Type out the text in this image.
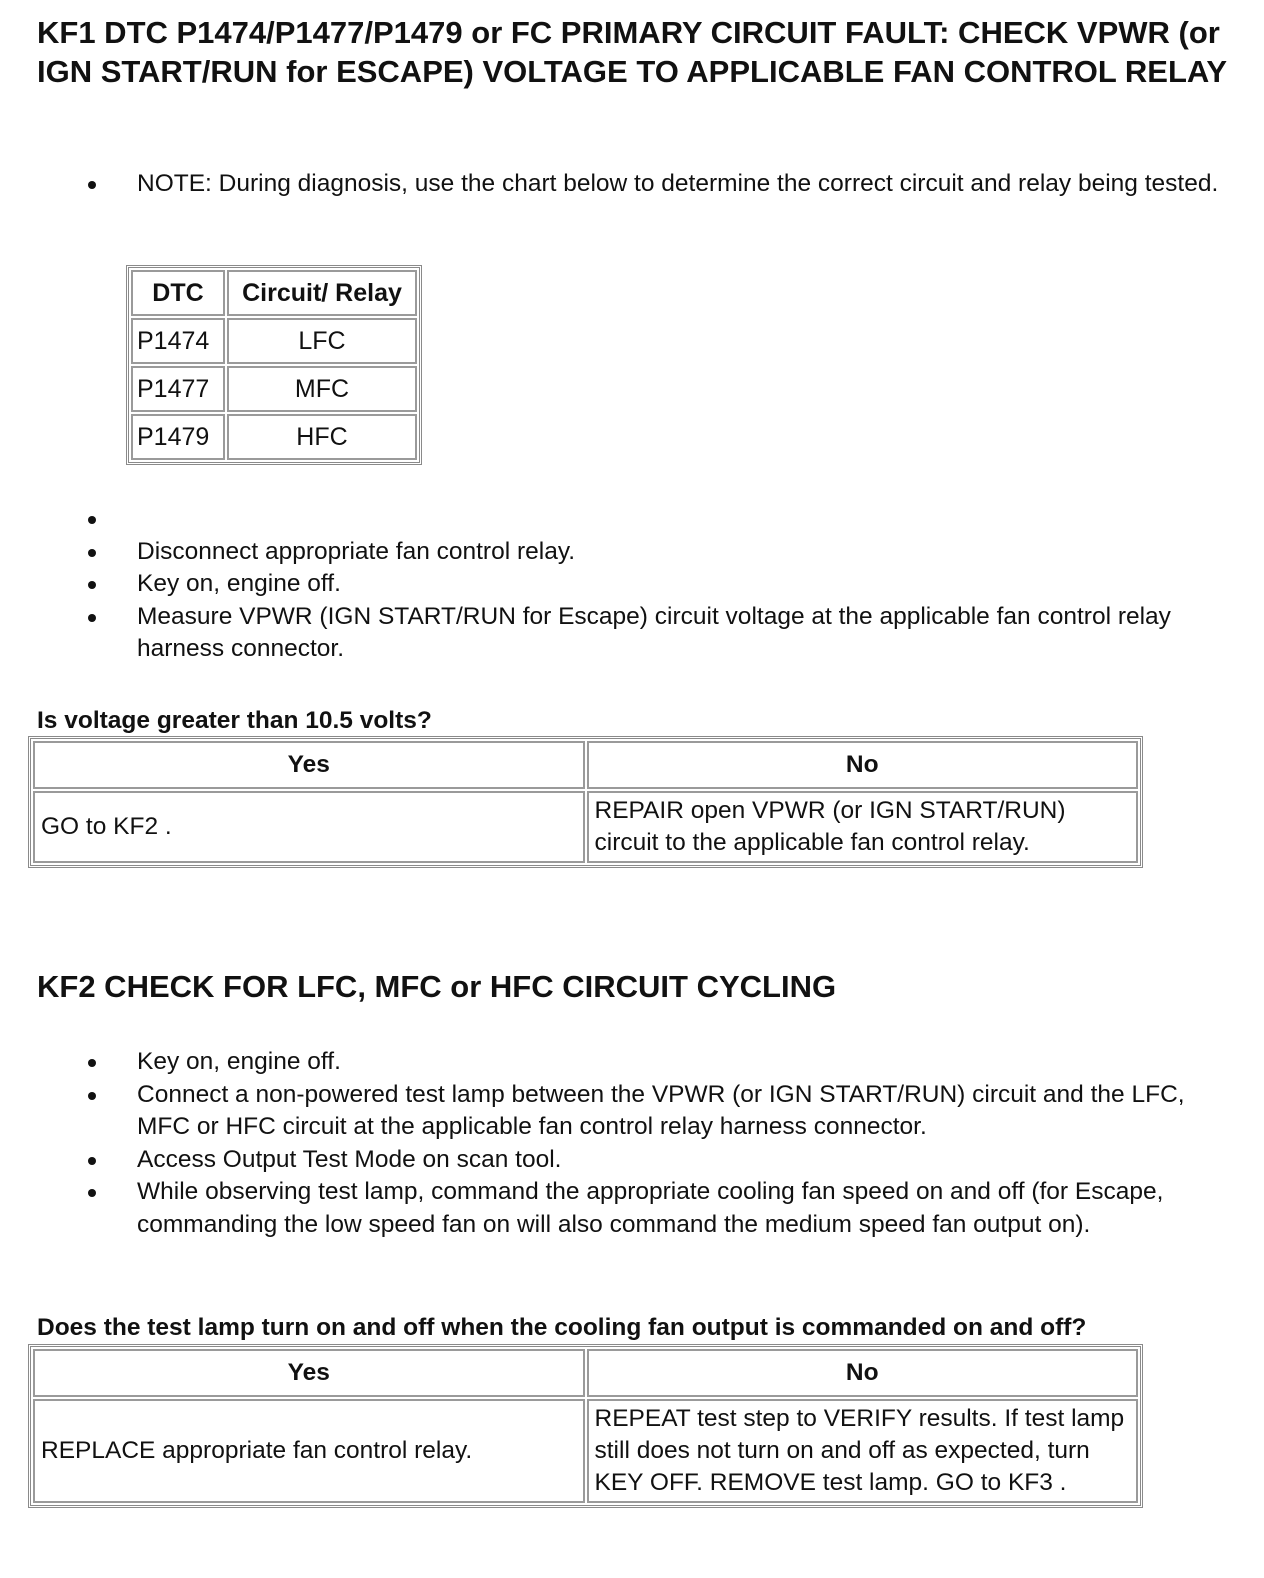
KF1 DTC P1474/P1477/P1479 or FC PRIMARY CIRCUIT FAULT: CHECK VPWR (or IGN START/RUN for ESCAPE) VOLTAGE TO APPLICABLE FAN CONTROL RELAY
NOTE: During diagnosis, use the chart below to determine the correct circuit and relay being tested.
DTC	Circuit/ Relay
P1474	LFC
P1477	MFC
P1479	HFC
Disconnect appropriate fan control relay.
Key on, engine off.
Measure VPWR (IGN START/RUN for Escape) circuit voltage at the applicable fan control relay harness connector.

Is voltage greater than 10.5 volts?

Yes	No
GO to KF2 .	REPAIR open VPWR (or IGN START/RUN) circuit to the applicable fan control relay.
KF2 CHECK FOR LFC, MFC or HFC CIRCUIT CYCLING
Key on, engine off.
Connect a non-powered test lamp between the VPWR (or IGN START/RUN) circuit and the LFC, MFC or HFC circuit at the applicable fan control relay harness connector.
Access Output Test Mode on scan tool.
While observing test lamp, command the appropriate cooling fan speed on and off (for Escape, commanding the low speed fan on will also command the medium speed fan output on).

Does the test lamp turn on and off when the cooling fan output is commanded on and off?

Yes	No
REPLACE appropriate fan control relay.	REPEAT test step to VERIFY results. If test lamp still does not turn on and off as expected, turn KEY OFF. REMOVE test lamp. GO to KF3 .
